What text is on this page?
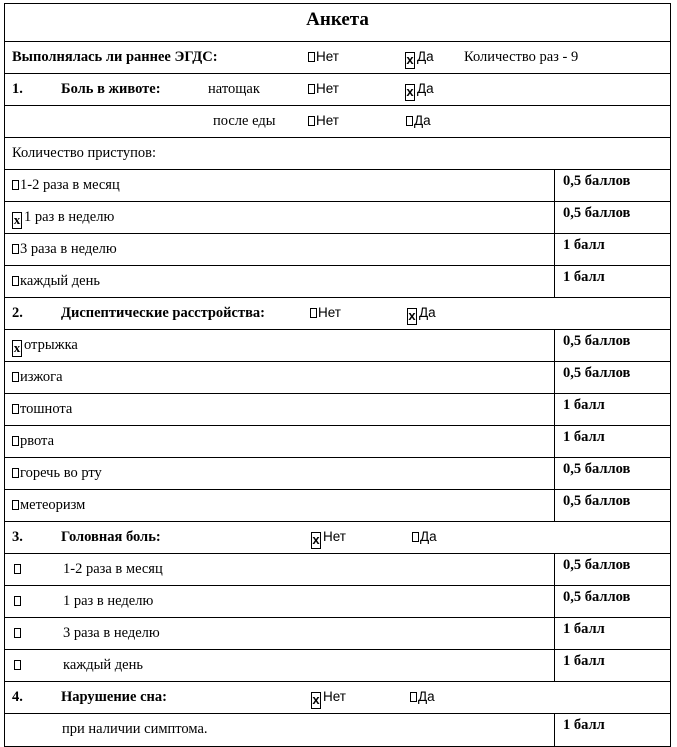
Анкета
Выполнялась ли раннее ЭГДС:	Нет	x Да Количество раз - 9
1.	Боль в животе:	натощак	Нет	x Да
после еды	Нет	Да
Количество приступов:
1-2 раза в месяц	0,5 баллов
x 1 раз в неделю	0,5 баллов
3 раза в неделю	1 балл
каждый день	1 балл
2.	Диспептические расстройства:	Нет	x Да
x отрыжка	0,5 баллов
изжога	0,5 баллов
тошнота	1 балл
рвота	1 балл
горечь во рту	0,5 баллов
метеоризм	0,5 баллов
3.	Головная боль:	x Нет	Да
1-2 раза в месяц	0,5 баллов
1 раз в неделю	0,5 баллов
3 раза в неделю	1 балл
каждый день	1 балл
4.	Нарушение сна:	x Нет	Да
при наличии симптома.	1 балл
